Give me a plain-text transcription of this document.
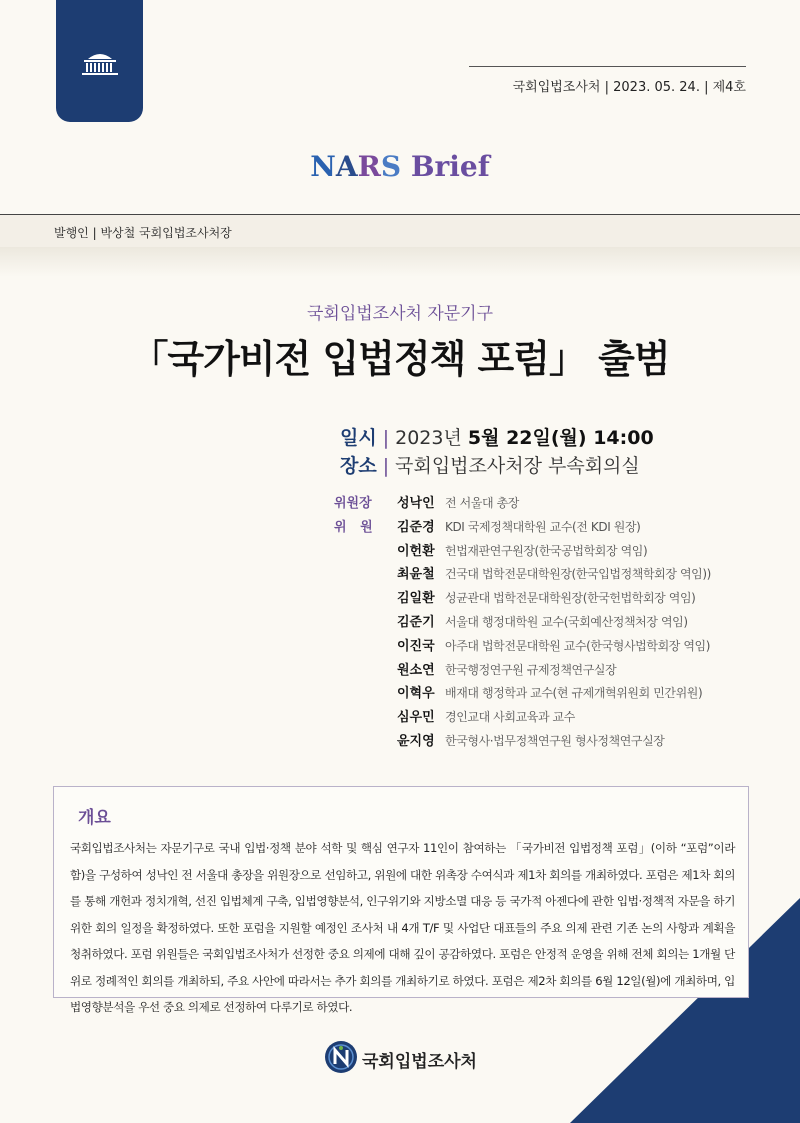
국회입법조사처 | 2023. 05. 24. | 제4호
NARS Brief
발행인 | 박상철 국회입법조사처장
국회입법조사처 자문기구
「국가비전 입법정책 포럼」 출범
일시 | 2023년 5월 22일(월) 14:00
장소 | 국회입법조사처장 부속회의실
위원장 성낙인 전 서울대 총장
위   원 김준경 KDI 국제정책대학원 교수(전 KDI 원장)
이헌환 헌법재판연구원장(한국공법학회장 역임)
최윤철 건국대 법학전문대학원장(한국입법정책학회장 역임))
김일환 성균관대 법학전문대학원장(한국헌법학회장 역임)
김준기 서울대 행정대학원 교수(국회예산정책처장 역임)
이진국 아주대 법학전문대학원 교수(한국형사법학회장 역임)
원소연 한국행정연구원 규제정책연구실장
이혁우 배재대 행정학과 교수(현 규제개혁위원회 민간위원)
심우민 경인교대 사회교육과 교수
윤지영 한국형사·법무정책연구원 형사정책연구실장
개요
국회입법조사처는 자문기구로 국내 입법·정책 분야 석학 및 핵심 연구자 11인이 참여하는 「국가비전 입법정책 포럼」(이하 “포럼”이라 함)을 구성하여 성낙인 전 서울대 총장을 위원장으로 선임하고, 위원에 대한 위촉장 수여식과 제1차 회의를 개최하였다. 포럼은 제1차 회의를 통해 개헌과 정치개혁, 선진 입법체계 구축, 입법영향분석, 인구위기와 지방소멸 대응 등 국가적 아젠다에 관한 입법·정책적 자문을 하기 위한 회의 일정을 확정하였다. 또한 포럼을 지원할 예정인 조사처 내 4개 T/F 및 사업단 대표들의 주요 의제 관련 기존 논의 사항과 계획을 청취하였다. 포럼 위원들은 국회입법조사처가 선정한 중요 의제에 대해 깊이 공감하였다. 포럼은 안정적 운영을 위해 전체 회의는 1개월 단위로 정례적인 회의를 개최하되, 주요 사안에 따라서는 추가 회의를 개최하기로 하였다. 포럼은 제2차 회의를 6월 12일(월)에 개최하며, 입법영향분석을 우선 중요 의제로 선정하여 다루기로 하였다.
국회입법조사처
